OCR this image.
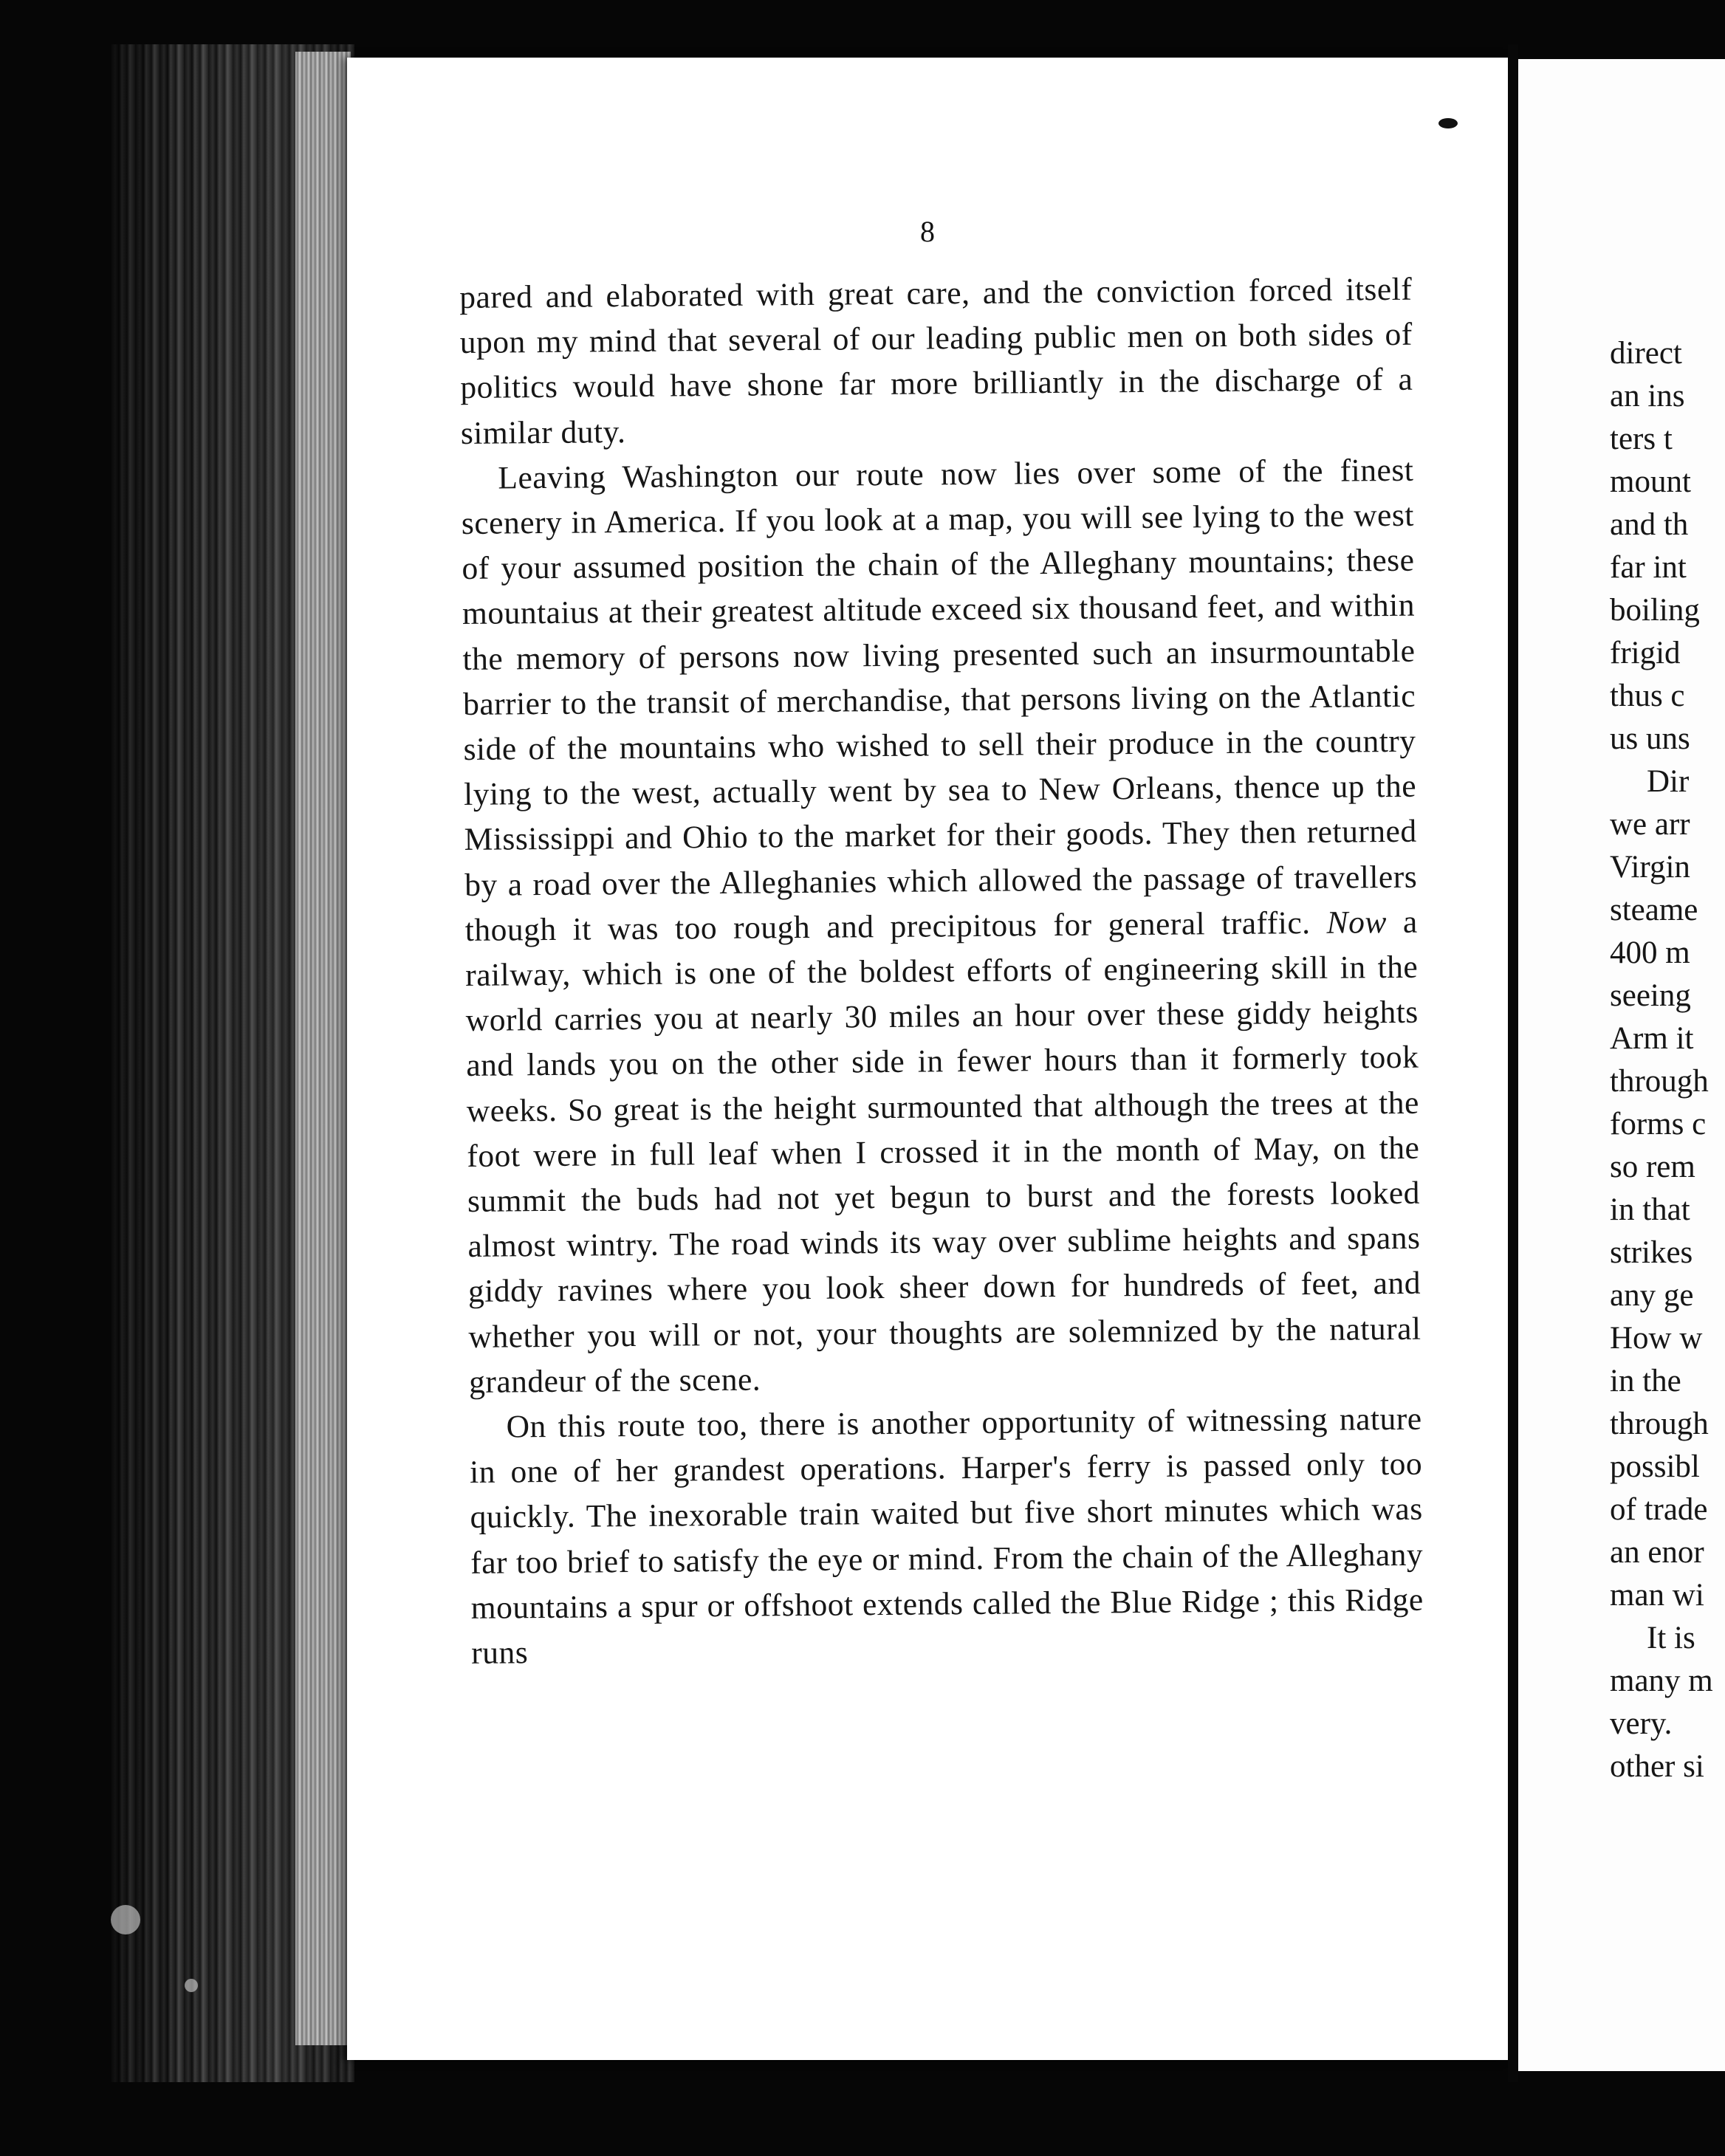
8

pared and elaborated with great care, and the conviction forced itself upon my mind that several of our leading public men on both sides of politics would have shone far more brilliantly in the discharge of a similar duty.

Leaving Washington our route now lies over some of the finest scenery in America. If you look at a map, you will see lying to the west of your assumed position the chain of the Alleghany mountains; these mountaius at their greatest altitude exceed six thousand feet, and within the memory of persons now living presented such an insurmountable barrier to the transit of merchandise, that persons living on the Atlantic side of the mountains who wished to sell their produce in the country lying to the west, actually went by sea to New Orleans, thence up the Mississippi and Ohio to the market for their goods. They then returned by a road over the Alleghanies which allowed the passage of travellers though it was too rough and precipitous for general traffic. Now a railway, which is one of the boldest efforts of engineering skill in the world carries you at nearly 30 miles an hour over these giddy heights and lands you on the other side in fewer hours than it formerly took weeks. So great is the height surmounted that although the trees at the foot were in full leaf when I crossed it in the month of May, on the summit the buds had not yet begun to burst and the forests looked almost wintry. The road winds its way over sublime heights and spans giddy ravines where you look sheer down for hundreds of feet, and whether you will or not, your thoughts are solemnized by the natural grandeur of the scene.

On this route too, there is another opportunity of witnessing nature in one of her grandest operations. Harper's ferry is passed only too quickly. The inexorable train waited but five short minutes which was far too brief to satisfy the eye or mind. From the chain of the Alleghany mountains a spur or offshoot extends called the Blue Ridge ; this Ridge runs

direct
an ins
ters t
mount
and th
far int
boiling
frigid
thus c
us uns
Dir
we arr
Virgin
steame
400 m
seeing
Arm it
through
forms c
so rem
in that
strikes
any ge
How w
in the
through
possibl
of trade
an enor
man wi
It is
many m
very.
other si
